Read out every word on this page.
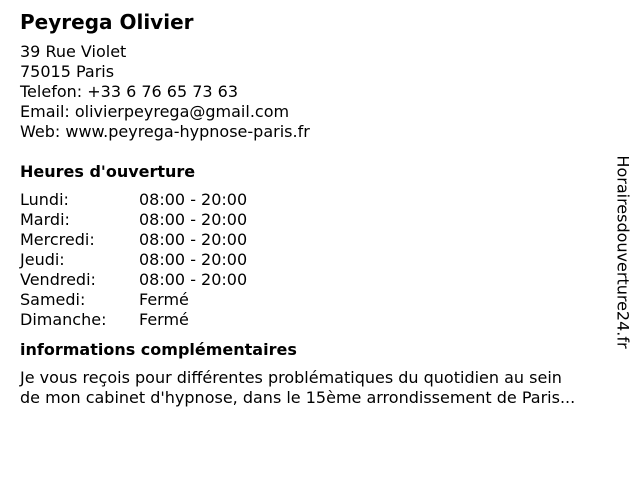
Peyrega Olivier
39 Rue Violet
75015 Paris
Telefon: +33 6 76 65 73 63
Email: olivierpeyrega@gmail.com
Web: www.peyrega-hypnose-paris.fr
Heures d'ouverture
Lundi:	08:00 - 20:00
Mardi:	08:00 - 20:00
Mercredi:	08:00 - 20:00
Jeudi:	08:00 - 20:00
Vendredi:	08:00 - 20:00
Samedi:	Fermé
Dimanche:	Fermé
informations complémentaires
Je vous reçois pour différentes problématiques du quotidien au sein
de mon cabinet d'hypnose, dans le 15ème arrondissement de Paris...
Horairesdouverture24.fr
